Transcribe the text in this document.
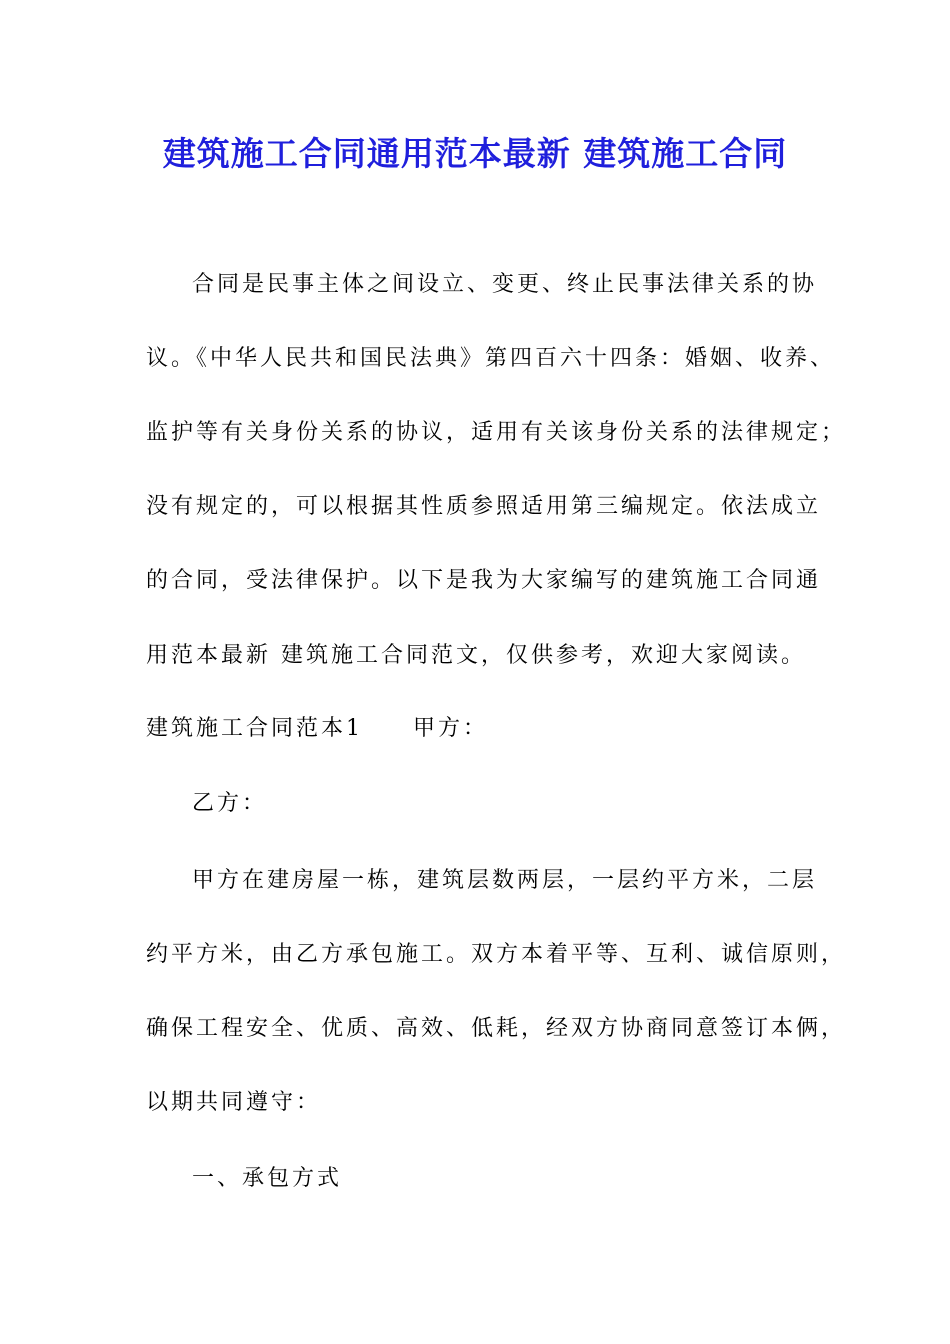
建筑施工合同通用范本最新 建筑施工合同
合同是民事主体之间设立、变更、终止民事法律关系的协
议。《中华人民共和国民法典》第四百六十四条：婚姻、收养、
监护等有关身份关系的协议，适用有关该身份关系的法律规定；
没有规定的，可以根据其性质参照适用第三编规定。依法成立
的合同，受法律保护。以下是我为大家编写的建筑施工合同通
用范本最新 建筑施工合同范文，仅供参考，欢迎大家阅读。
建筑施工合同范本1　　甲方：
乙方：
甲方在建房屋一栋，建筑层数两层，一层约平方米，二层
约平方米，由乙方承包施工。双方本着平等、互利、诚信原则，
确保工程安全、优质、高效、低耗，经双方协商同意签订本俩，
以期共同遵守：
一、承包方式
